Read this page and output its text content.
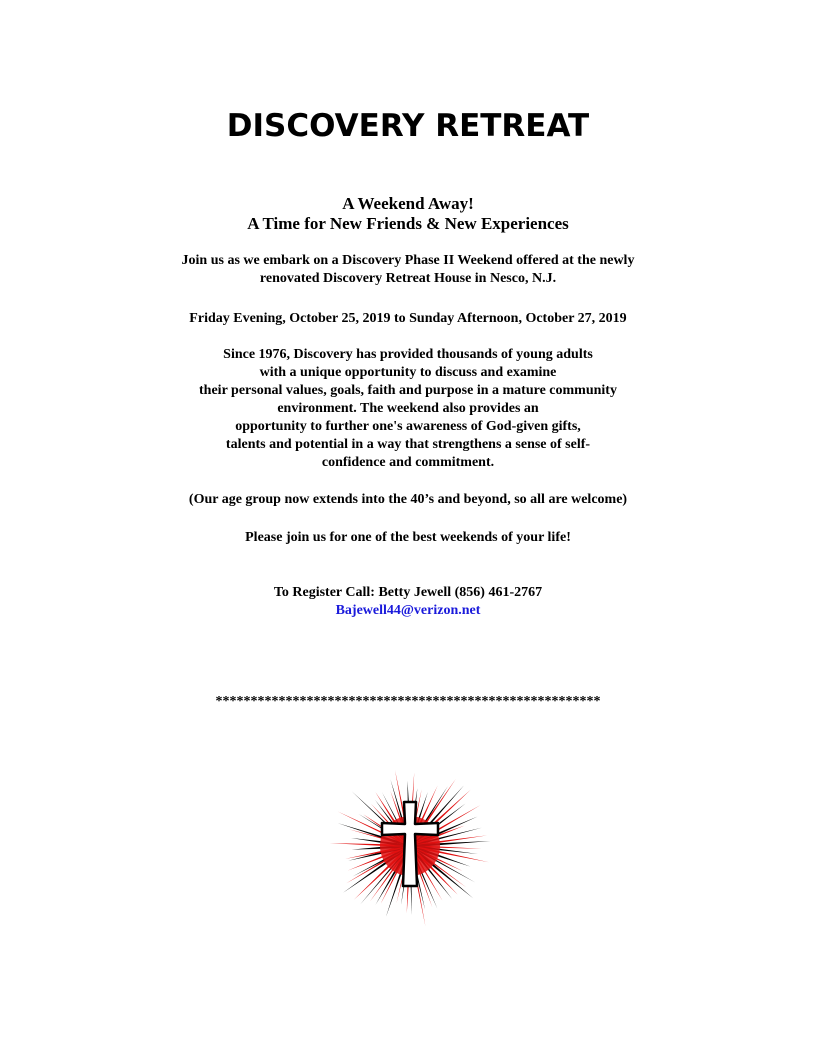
DISCOVERY RETREAT
A Weekend Away!
A Time for New Friends & New Experiences
Join us as we embark on a Discovery Phase II Weekend offered at the newly
renovated Discovery Retreat House in Nesco, N.J.
Friday Evening, October 25, 2019 to Sunday Afternoon, October 27, 2019
Since 1976, Discovery has provided thousands of young adults
with a unique opportunity to discuss and examine
their personal values, goals, faith and purpose in a mature community
environment. The weekend also provides an
opportunity to further one's awareness of God-given gifts,
talents and potential in a way that strengthens a sense of self-
confidence and commitment.
(Our age group now extends into the 40’s and beyond, so all are welcome)
Please join us for one of the best weekends of your life!
To Register Call: Betty Jewell (856) 461-2767
Bajewell44@verizon.net
*******************************************************
